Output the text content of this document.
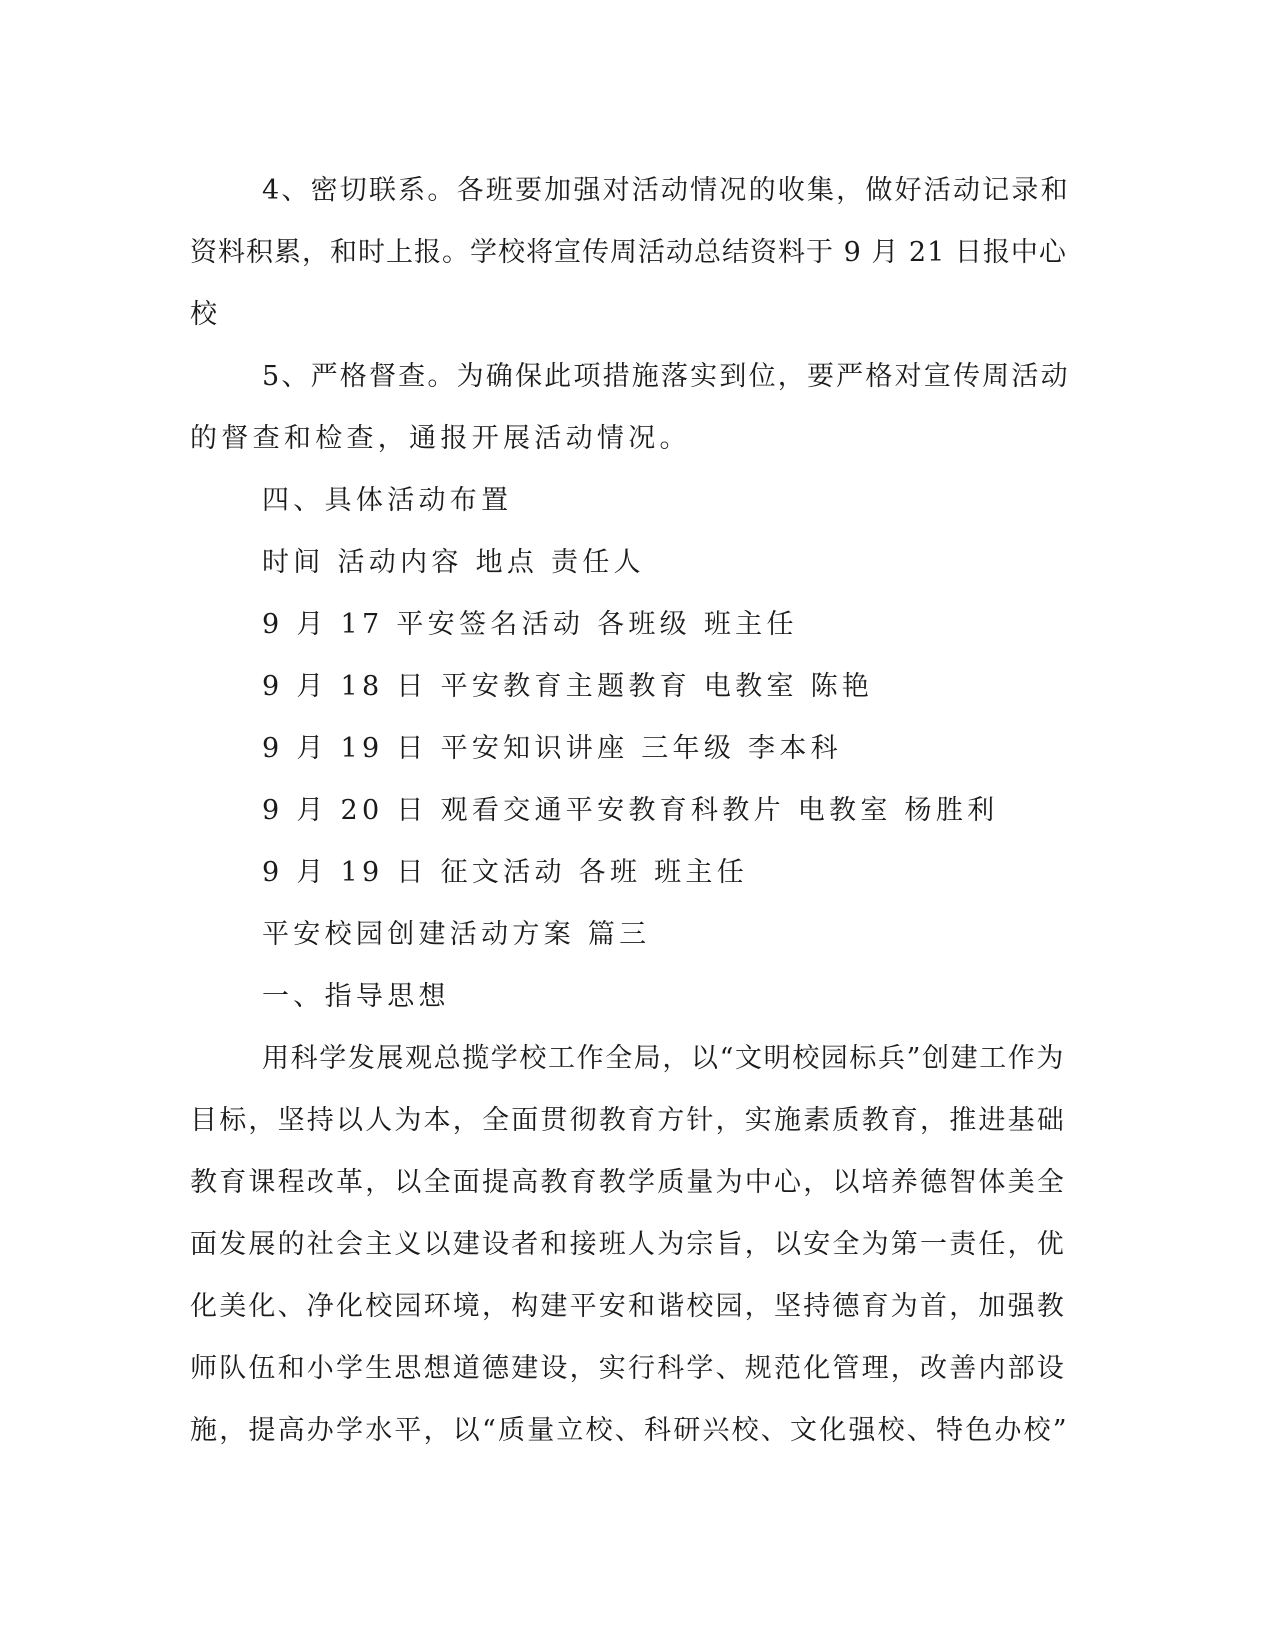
4、密切联系。各班要加强对活动情况的收集，做好活动记录和
资料积累，和时上报。学校将宣传周活动总结资料于 9 月 21 日报中心
校
5、严格督查。为确保此项措施落实到位，要严格对宣传周活动
的督查和检查，通报开展活动情况。
四、具体活动布置
时间 活动内容 地点 责任人
9 月 17 平安签名活动 各班级 班主任
9 月 18 日 平安教育主题教育 电教室 陈艳
9 月 19 日 平安知识讲座 三年级 李本科
9 月 20 日 观看交通平安教育科教片 电教室 杨胜利
9 月 19 日 征文活动 各班 班主任
平安校园创建活动方案 篇三
一、指导思想
用科学发展观总揽学校工作全局，以“文明校园标兵”创建工作为
目标，坚持以人为本，全面贯彻教育方针，实施素质教育，推进基础
教育课程改革，以全面提高教育教学质量为中心，以培养德智体美全
面发展的社会主义以建设者和接班人为宗旨，以安全为第一责任，优
化美化、净化校园环境，构建平安和谐校园，坚持德育为首，加强教
师队伍和小学生思想道德建设，实行科学、规范化管理，改善内部设
施，提高办学水平，以“质量立校、科研兴校、文化强校、特色办校”
